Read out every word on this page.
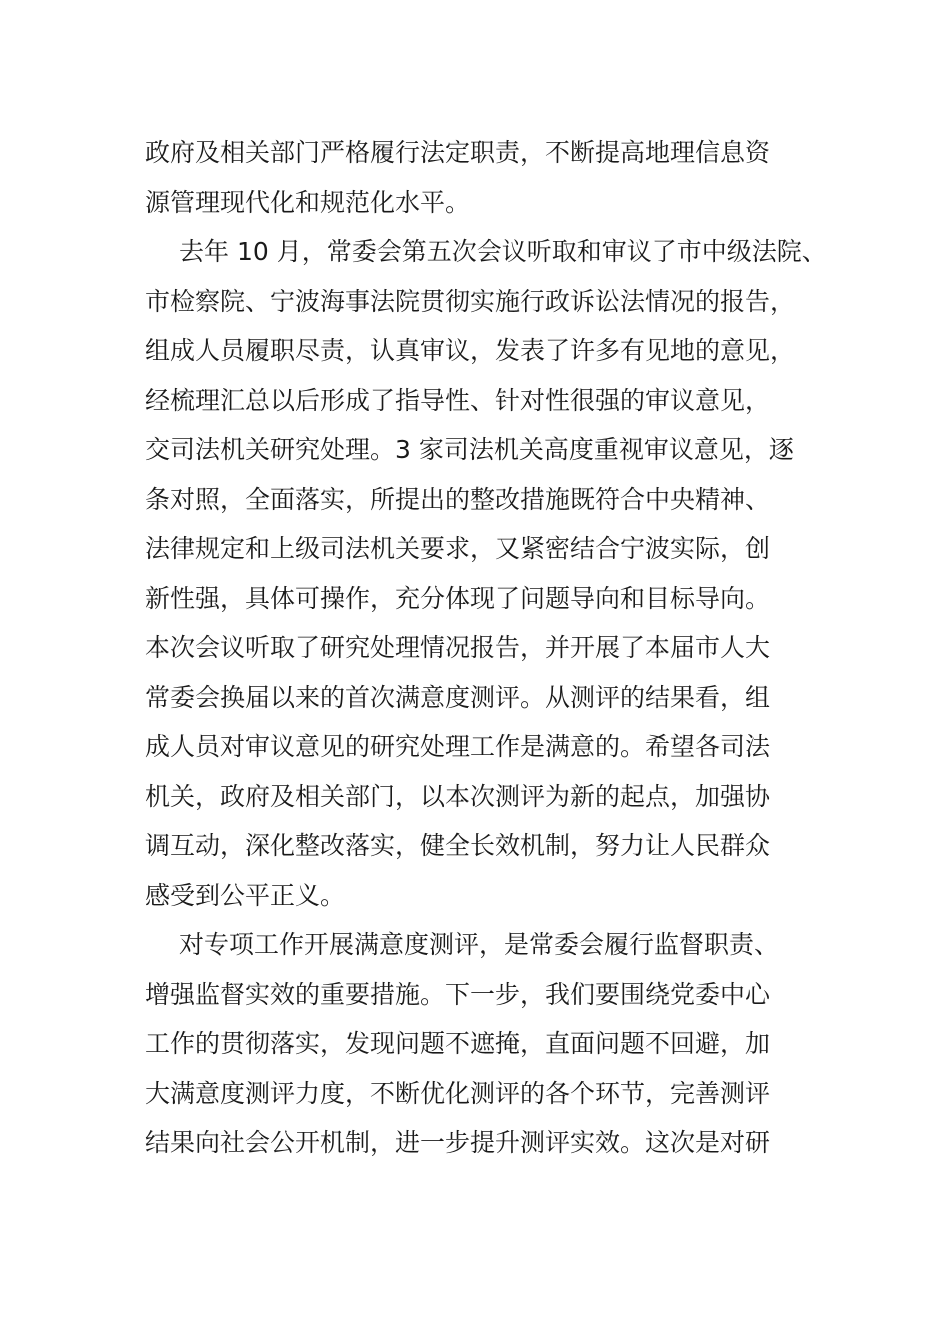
政府及相关部门严格履行法定职责，不断提高地理信息资
源管理现代化和规范化水平。
去年 10 月，常委会第五次会议听取和审议了市中级法院、
市检察院、宁波海事法院贯彻实施行政诉讼法情况的报告，
组成人员履职尽责，认真审议，发表了许多有见地的意见，
经梳理汇总以后形成了指导性、针对性很强的审议意见，
交司法机关研究处理。3 家司法机关高度重视审议意见，逐
条对照，全面落实，所提出的整改措施既符合中央精神、
法律规定和上级司法机关要求，又紧密结合宁波实际，创
新性强，具体可操作，充分体现了问题导向和目标导向。
本次会议听取了研究处理情况报告，并开展了本届市人大
常委会换届以来的首次满意度测评。从测评的结果看，组
成人员对审议意见的研究处理工作是满意的。希望各司法
机关，政府及相关部门，以本次测评为新的起点，加强协
调互动，深化整改落实，健全长效机制，努力让人民群众
感受到公平正义。
对专项工作开展满意度测评，是常委会履行监督职责、
增强监督实效的重要措施。下一步，我们要围绕党委中心
工作的贯彻落实，发现问题不遮掩，直面问题不回避，加
大满意度测评力度，不断优化测评的各个环节，完善测评
结果向社会公开机制，进一步提升测评实效。这次是对研
